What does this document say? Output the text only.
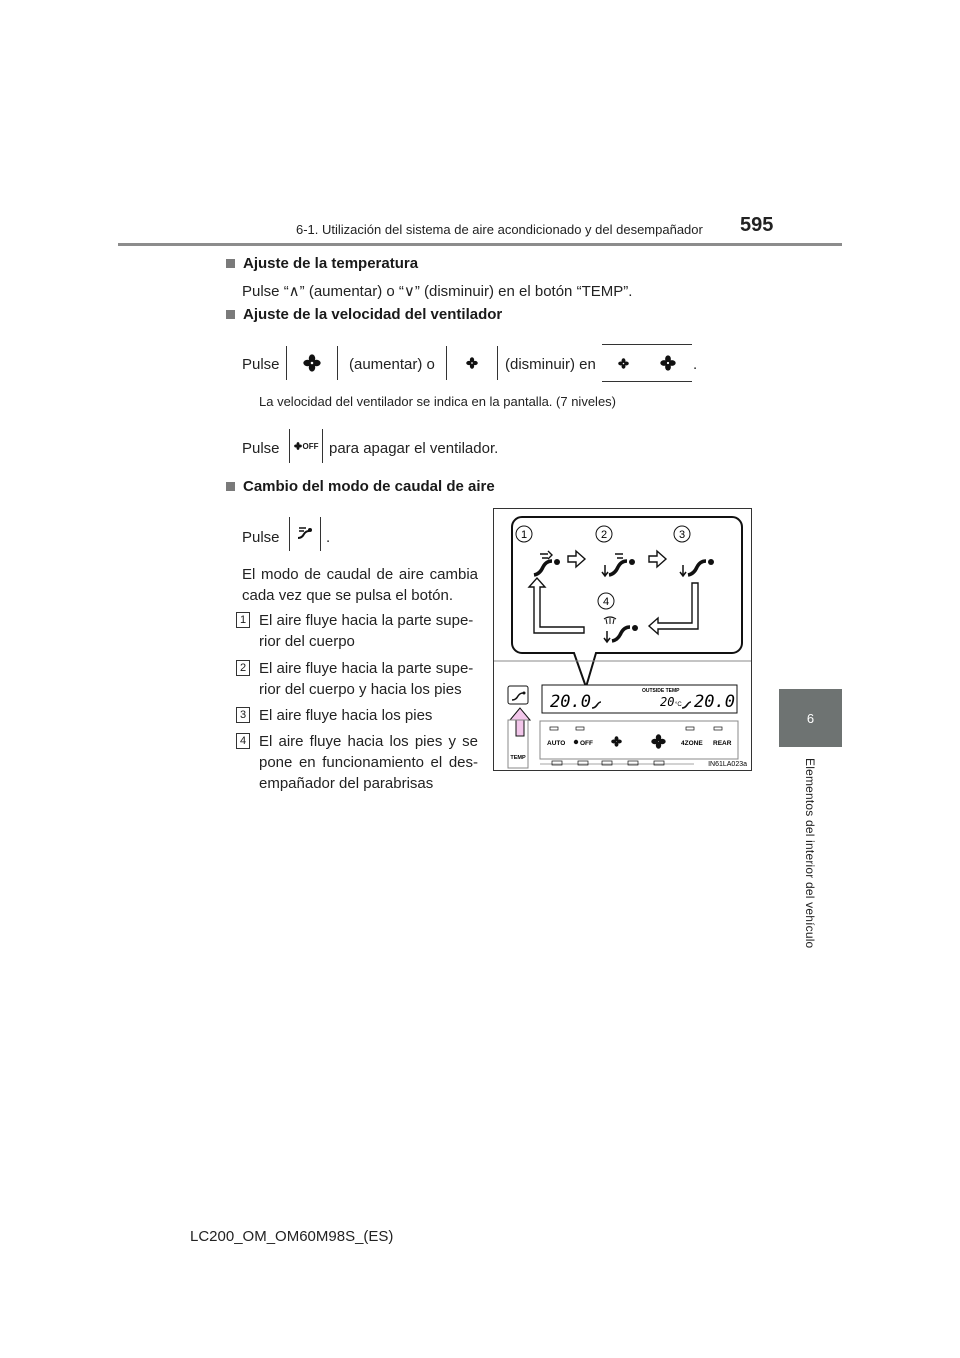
6-1. Utilización del sistema de aire acondicionado y del desempañador 595
6
Elementos del interior del vehículo
Ajuste de la temperatura
Pulse “∧” (aumentar) o “∨” (disminuir) en el botón “TEMP”.
Ajuste de la velocidad del ventilador
Pulse	(aumentar) o	(disminuir) en	.
La velocidad del ventilador se indica en la pantalla. (7 niveles)
Pulse	OFF para apagar el ventilador.
Cambio del modo de caudal de aire
Pulse	.
El modo de caudal de aire cambia
cada vez que se pulsa el botón.
1 El aire fluye hacia la parte supe-
rior del cuerpo
2 El aire fluye hacia la parte supe-
rior del cuerpo y hacia los pies
3 El aire fluye hacia los pies
4 El aire fluye hacia los pies y se
pone en funcionamiento el des-
empañador del parabrisas
1	2	3
4
TEMP
20.0	20.0
OUTSIDE TEMP
20 °C
AUTO OFF	4ZONE REAR
IN61LA023a
LC200_OM_OM60M98S_(ES)
